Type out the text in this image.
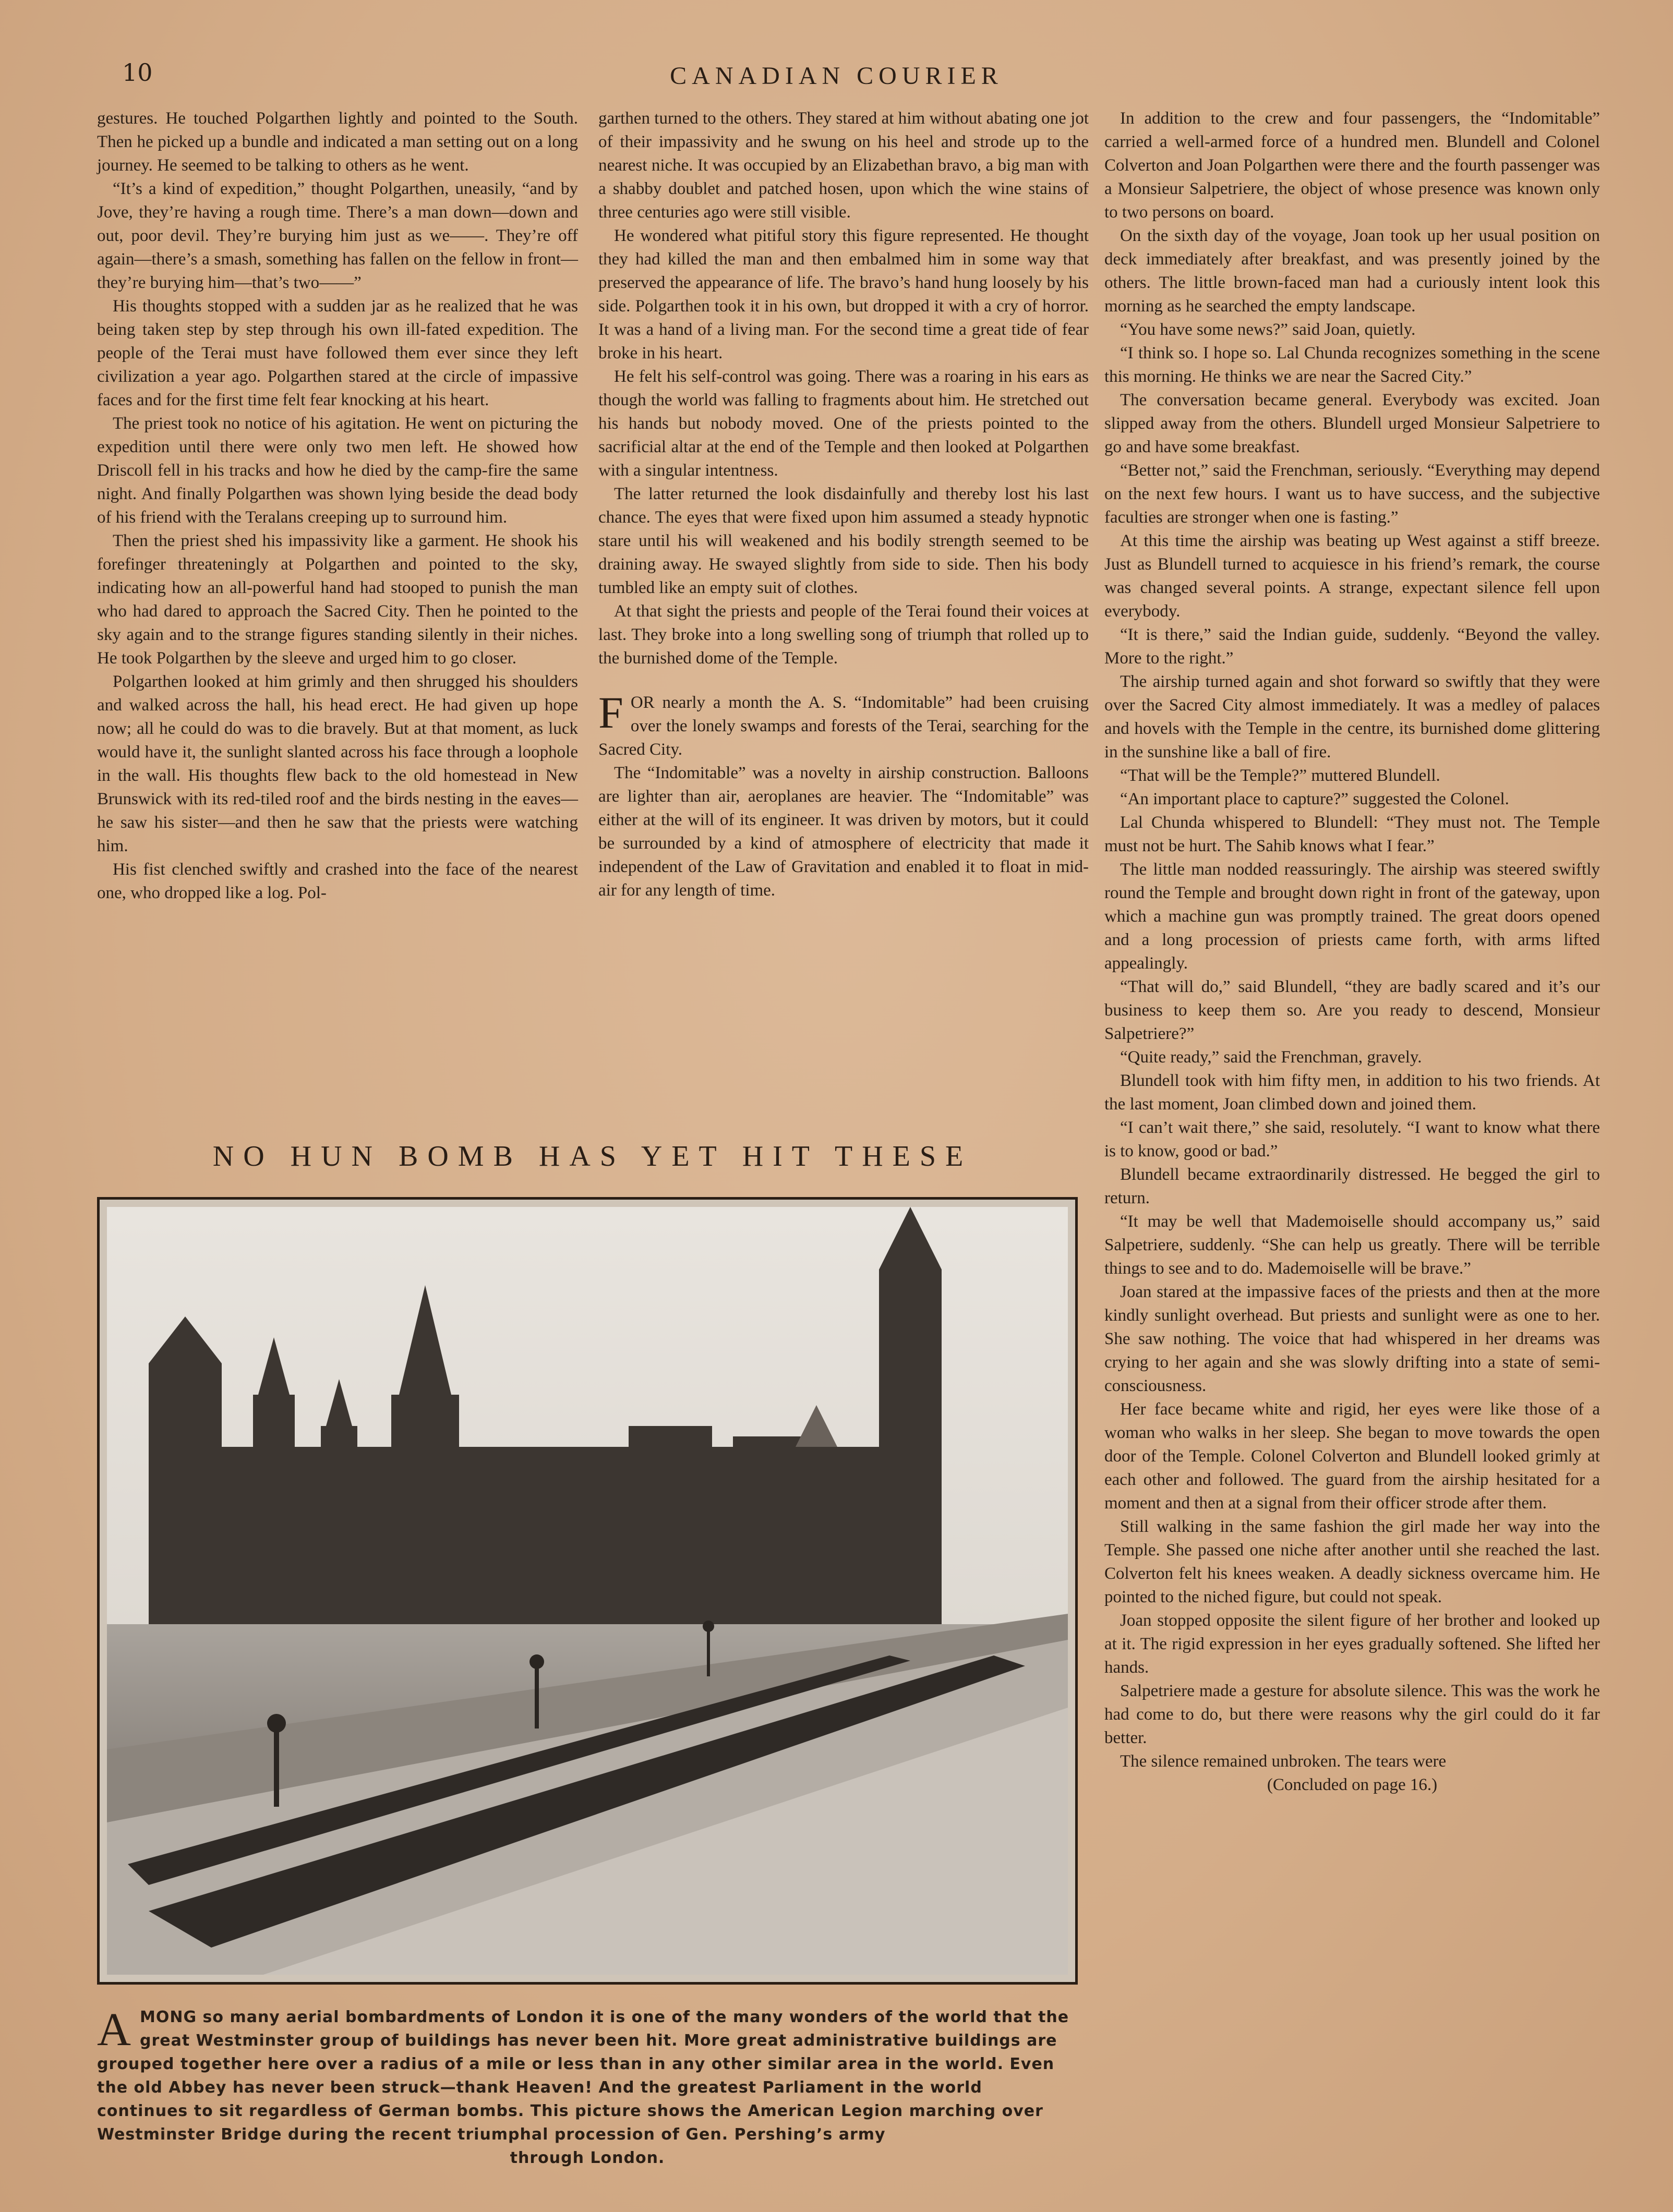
10	CANADIAN COURIER

gestures. He touched Polgarthen lightly and pointed to the South. Then he picked up a bundle and indicated a man setting out on a long journey. He seemed to be talking to others as he went.

“It’s a kind of expedition,” thought Polgarthen, uneasily, “and by Jove, they’re having a rough time. There’s a man down—down and out, poor devil. They’re burying him just as we——. They’re off again—there’s a smash, something has fallen on the fellow in front—they’re burying him—that’s two——”

His thoughts stopped with a sudden jar as he realized that he was being taken step by step through his own ill-fated expedition. The people of the Terai must have followed them ever since they left civilization a year ago. Polgarthen stared at the circle of impassive faces and for the first time felt fear knocking at his heart.

The priest took no notice of his agitation. He went on picturing the expedition until there were only two men left. He showed how Driscoll fell in his tracks and how he died by the camp-fire the same night. And finally Polgarthen was shown lying beside the dead body of his friend with the Teralans creeping up to surround him.

Then the priest shed his impassivity like a garment. He shook his forefinger threateningly at Polgarthen and pointed to the sky, indicating how an all-powerful hand had stooped to punish the man who had dared to approach the Sacred City. Then he pointed to the sky again and to the strange figures standing silently in their niches. He took Polgarthen by the sleeve and urged him to go closer.

Polgarthen looked at him grimly and then shrugged his shoulders and walked across the hall, his head erect. He had given up hope now; all he could do was to die bravely. But at that moment, as luck would have it, the sunlight slanted across his face through a loophole in the wall. His thoughts flew back to the old homestead in New Brunswick with its red-tiled roof and the birds nesting in the eaves—he saw his sister—and then he saw that the priests were watching him.

His fist clenched swiftly and crashed into the face of the nearest one, who dropped like a log. Pol-

garthen turned to the others. They stared at him without abating one jot of their impassivity and he swung on his heel and strode up to the nearest niche. It was occupied by an Elizabethan bravo, a big man with a shabby doublet and patched hosen, upon which the wine stains of three centuries ago were still visible.

He wondered what pitiful story this figure represented. He thought they had killed the man and then embalmed him in some way that preserved the appearance of life. The bravo’s hand hung loosely by his side. Polgarthen took it in his own, but dropped it with a cry of horror. It was a hand of a living man. For the second time a great tide of fear broke in his heart.

He felt his self-control was going. There was a roaring in his ears as though the world was falling to fragments about him. He stretched out his hands but nobody moved. One of the priests pointed to the sacrificial altar at the end of the Temple and then looked at Polgarthen with a singular intentness.

The latter returned the look disdainfully and thereby lost his last chance. The eyes that were fixed upon him assumed a steady hypnotic stare until his will weakened and his bodily strength seemed to be draining away. He swayed slightly from side to side. Then his body tumbled like an empty suit of clothes.

At that sight the priests and people of the Terai found their voices at last. They broke into a long swelling song of triumph that rolled up to the burnished dome of the Temple.

FOR nearly a month the A. S. “Indomitable” had been cruising over the lonely swamps and forests of the Terai, searching for the Sacred City.

The “Indomitable” was a novelty in airship construction. Balloons are lighter than air, aeroplanes are heavier. The “Indomitable” was either at the will of its engineer. It was driven by motors, but it could be surrounded by a kind of atmosphere of electricity that made it independent of the Law of Gravitation and enabled it to float in mid-air for any length of time.

In addition to the crew and four passengers, the “Indomitable” carried a well-armed force of a hundred men. Blundell and Colonel Colverton and Joan Polgarthen were there and the fourth passenger was a Monsieur Salpetriere, the object of whose presence was known only to two persons on board.

On the sixth day of the voyage, Joan took up her usual position on deck immediately after breakfast, and was presently joined by the others. The little brown-faced man had a curiously intent look this morning as he searched the empty landscape.

“You have some news?” said Joan, quietly.

“I think so. I hope so. Lal Chunda recognizes something in the scene this morning. He thinks we are near the Sacred City.”

The conversation became general. Everybody was excited. Joan slipped away from the others. Blundell urged Monsieur Salpetriere to go and have some breakfast.

“Better not,” said the Frenchman, seriously. “Everything may depend on the next few hours. I want us to have success, and the subjective faculties are stronger when one is fasting.”

At this time the airship was beating up West against a stiff breeze. Just as Blundell turned to acquiesce in his friend’s remark, the course was changed several points. A strange, expectant silence fell upon everybody.

“It is there,” said the Indian guide, suddenly. “Beyond the valley. More to the right.”

The airship turned again and shot forward so swiftly that they were over the Sacred City almost immediately. It was a medley of palaces and hovels with the Temple in the centre, its burnished dome glittering in the sunshine like a ball of fire.

“That will be the Temple?” muttered Blundell.

“An important place to capture?” suggested the Colonel.

Lal Chunda whispered to Blundell: “They must not. The Temple must not be hurt. The Sahib knows what I fear.”

The little man nodded reassuringly. The airship was steered swiftly round the Temple and brought down right in front of the gateway, upon which a machine gun was promptly trained. The great doors opened and a long procession of priests came forth, with arms lifted appealingly.

“That will do,” said Blundell, “they are badly scared and it’s our business to keep them so. Are you ready to descend, Monsieur Salpetriere?”

“Quite ready,” said the Frenchman, gravely.

Blundell took with him fifty men, in addition to his two friends. At the last moment, Joan climbed down and joined them.

“I can’t wait there,” she said, resolutely. “I want to know what there is to know, good or bad.”

Blundell became extraordinarily distressed. He begged the girl to return.

“It may be well that Mademoiselle should accompany us,” said Salpetriere, suddenly. “She can help us greatly. There will be terrible things to see and to do. Mademoiselle will be brave.”

Joan stared at the impassive faces of the priests and then at the more kindly sunlight overhead. But priests and sunlight were as one to her. She saw nothing. The voice that had whispered in her dreams was crying to her again and she was slowly drifting into a state of semi-consciousness.

Her face became white and rigid, her eyes were like those of a woman who walks in her sleep. She began to move towards the open door of the Temple. Colonel Colverton and Blundell looked grimly at each other and followed. The guard from the airship hesitated for a moment and then at a signal from their officer strode after them.

Still walking in the same fashion the girl made her way into the Temple. She passed one niche after another until she reached the last. Colverton felt his knees weaken. A deadly sickness overcame him. He pointed to the niched figure, but could not speak.

Joan stopped opposite the silent figure of her brother and looked up at it. The rigid expression in her eyes gradually softened. She lifted her hands.

Salpetriere made a gesture for absolute silence. This was the work he had come to do, but there were reasons why the girl could do it far better.

The silence remained unbroken. The tears were

(Concluded on page 16.)

NO HUN BOMB HAS YET HIT THESE
A MONG so many aerial bombardments of London it is one of the many wonders of the world that the great Westminster group of buildings has never been hit. More great administrative buildings are grouped together here over a radius of a mile or less than in any other similar area in the world. Even the old Abbey has never been struck—thank Heaven! And the greatest Parliament in the world continues to sit regardless of German bombs. This picture shows the American Legion marching over Westminster Bridge during the recent triumphal procession of Gen. Pershing’s army
through London.
